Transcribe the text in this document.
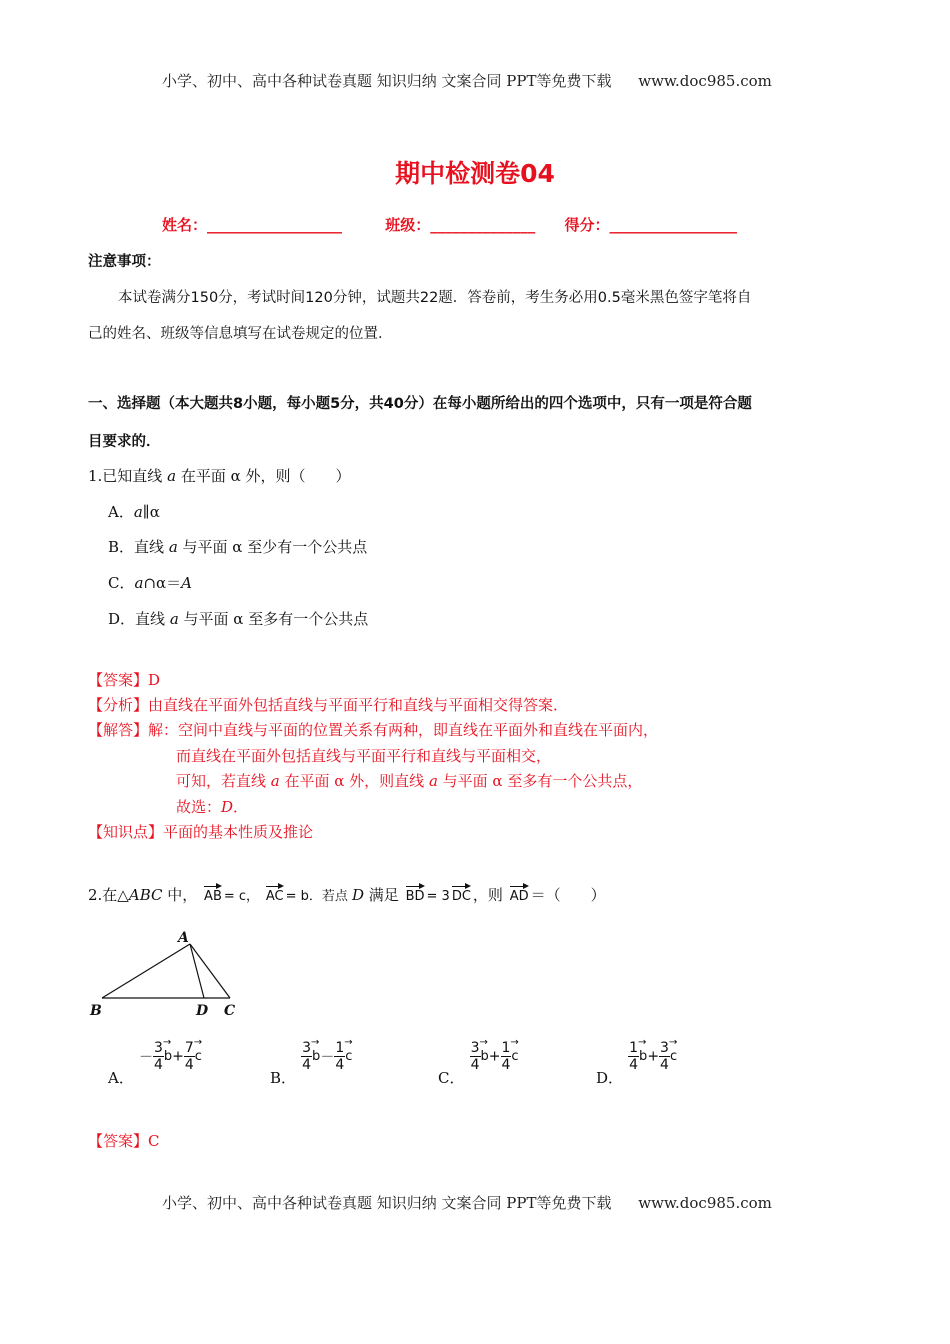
小学、初中、高中各种试卷真题 知识归纳 文案合同 PPT等免费下载 www.doc985.com
期中检测卷04
姓名：__________________	班级：______________ 得分：_________________
注意事项：
本试卷满分150分，考试时间120分钟，试题共22题．答卷前，考生务必用0.5毫米黑色签字笔将自
己的姓名、班级等信息填写在试卷规定的位置．
一、选择题（本大题共8小题，每小题5分，共40分）在每小题所给出的四个选项中，只有一项是符合题
目要求的．
1.已知直线 a 在平面 α 外，则（　　）
A．a∥α
B．直线 a 与平面 α 至少有一个公共点
C．a∩α＝A
D．直线 a 与平面 α 至多有一个公共点
【答案】D
【分析】由直线在平面外包括直线与平面平行和直线与平面相交得答案．
【解答】解：空间中直线与平面的位置关系有两种，即直线在平面外和直线在平面内，
而直线在平面外包括直线与平面平行和直线与平面相交，
可知，若直线 a 在平面 α 外，则直线 a 与平面 α 至多有一个公共点，
故选：D．
【知识点】平面的基本性质及推论
2.在△ABC 中， AB = c， AC = b．若点 D 满足 BD = 3 DC ，则 AD ＝（　　）
A
B	D C
A． － $\frac{3}{4}$ $b \to+ \frac{7}{4}$ c →
B．
$\frac{3}{4}$ $b \to- \frac{1}{4}$ c →
C．
$\frac{3}{4}$ $b \to+ \frac{1}{4}$ c →
D．
$\frac{1}{4}$ $b \to+ \frac{3}{4}$ c →
【答案】C
小学、初中、高中各种试卷真题 知识归纳 文案合同 PPT等免费下载 www.doc985.com
